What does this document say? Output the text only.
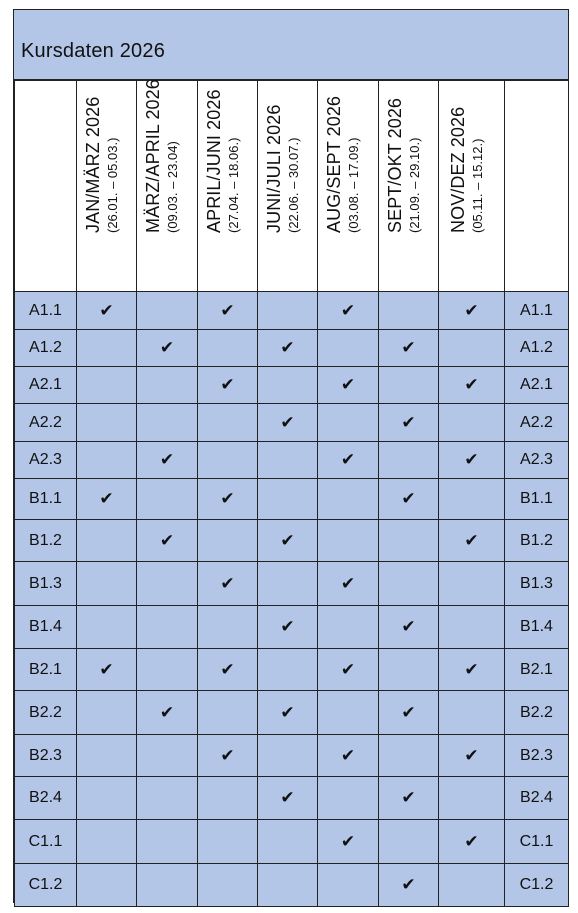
Kursdaten 2026

	JAN/MÄRZ 2026 (26.01. – 05.03.)	MÄRZ/APRIL 2026 (09.03. – 23.04)	APRIL/JUNI 2026 (27.04. – 18.06.)	JUNI/JULI 2026 (22.06. – 30.07.)	AUG/SEPT 2026 (03.08. – 17.09.)	SEPT/OKT 2026 (21.09. – 29.10.)	NOV/DEZ 2026 (05.11. – 15.12.)	

A1.1	✔		✔		✔		✔	A1.1
A1.2		✔		✔		✔		A1.2
A2.1			✔		✔		✔	A2.1
A2.2				✔		✔		A2.2
A2.3		✔			✔		✔	A2.3
B1.1	✔		✔			✔		B1.1
B1.2		✔		✔			✔	B1.2
B1.3			✔		✔			B1.3
B1.4				✔		✔		B1.4
B2.1	✔		✔		✔		✔	B2.1
B2.2		✔		✔		✔		B2.2
B2.3			✔		✔		✔	B2.3
B2.4				✔		✔		B2.4
C1.1					✔		✔	C1.1
C1.2						✔		C1.2
